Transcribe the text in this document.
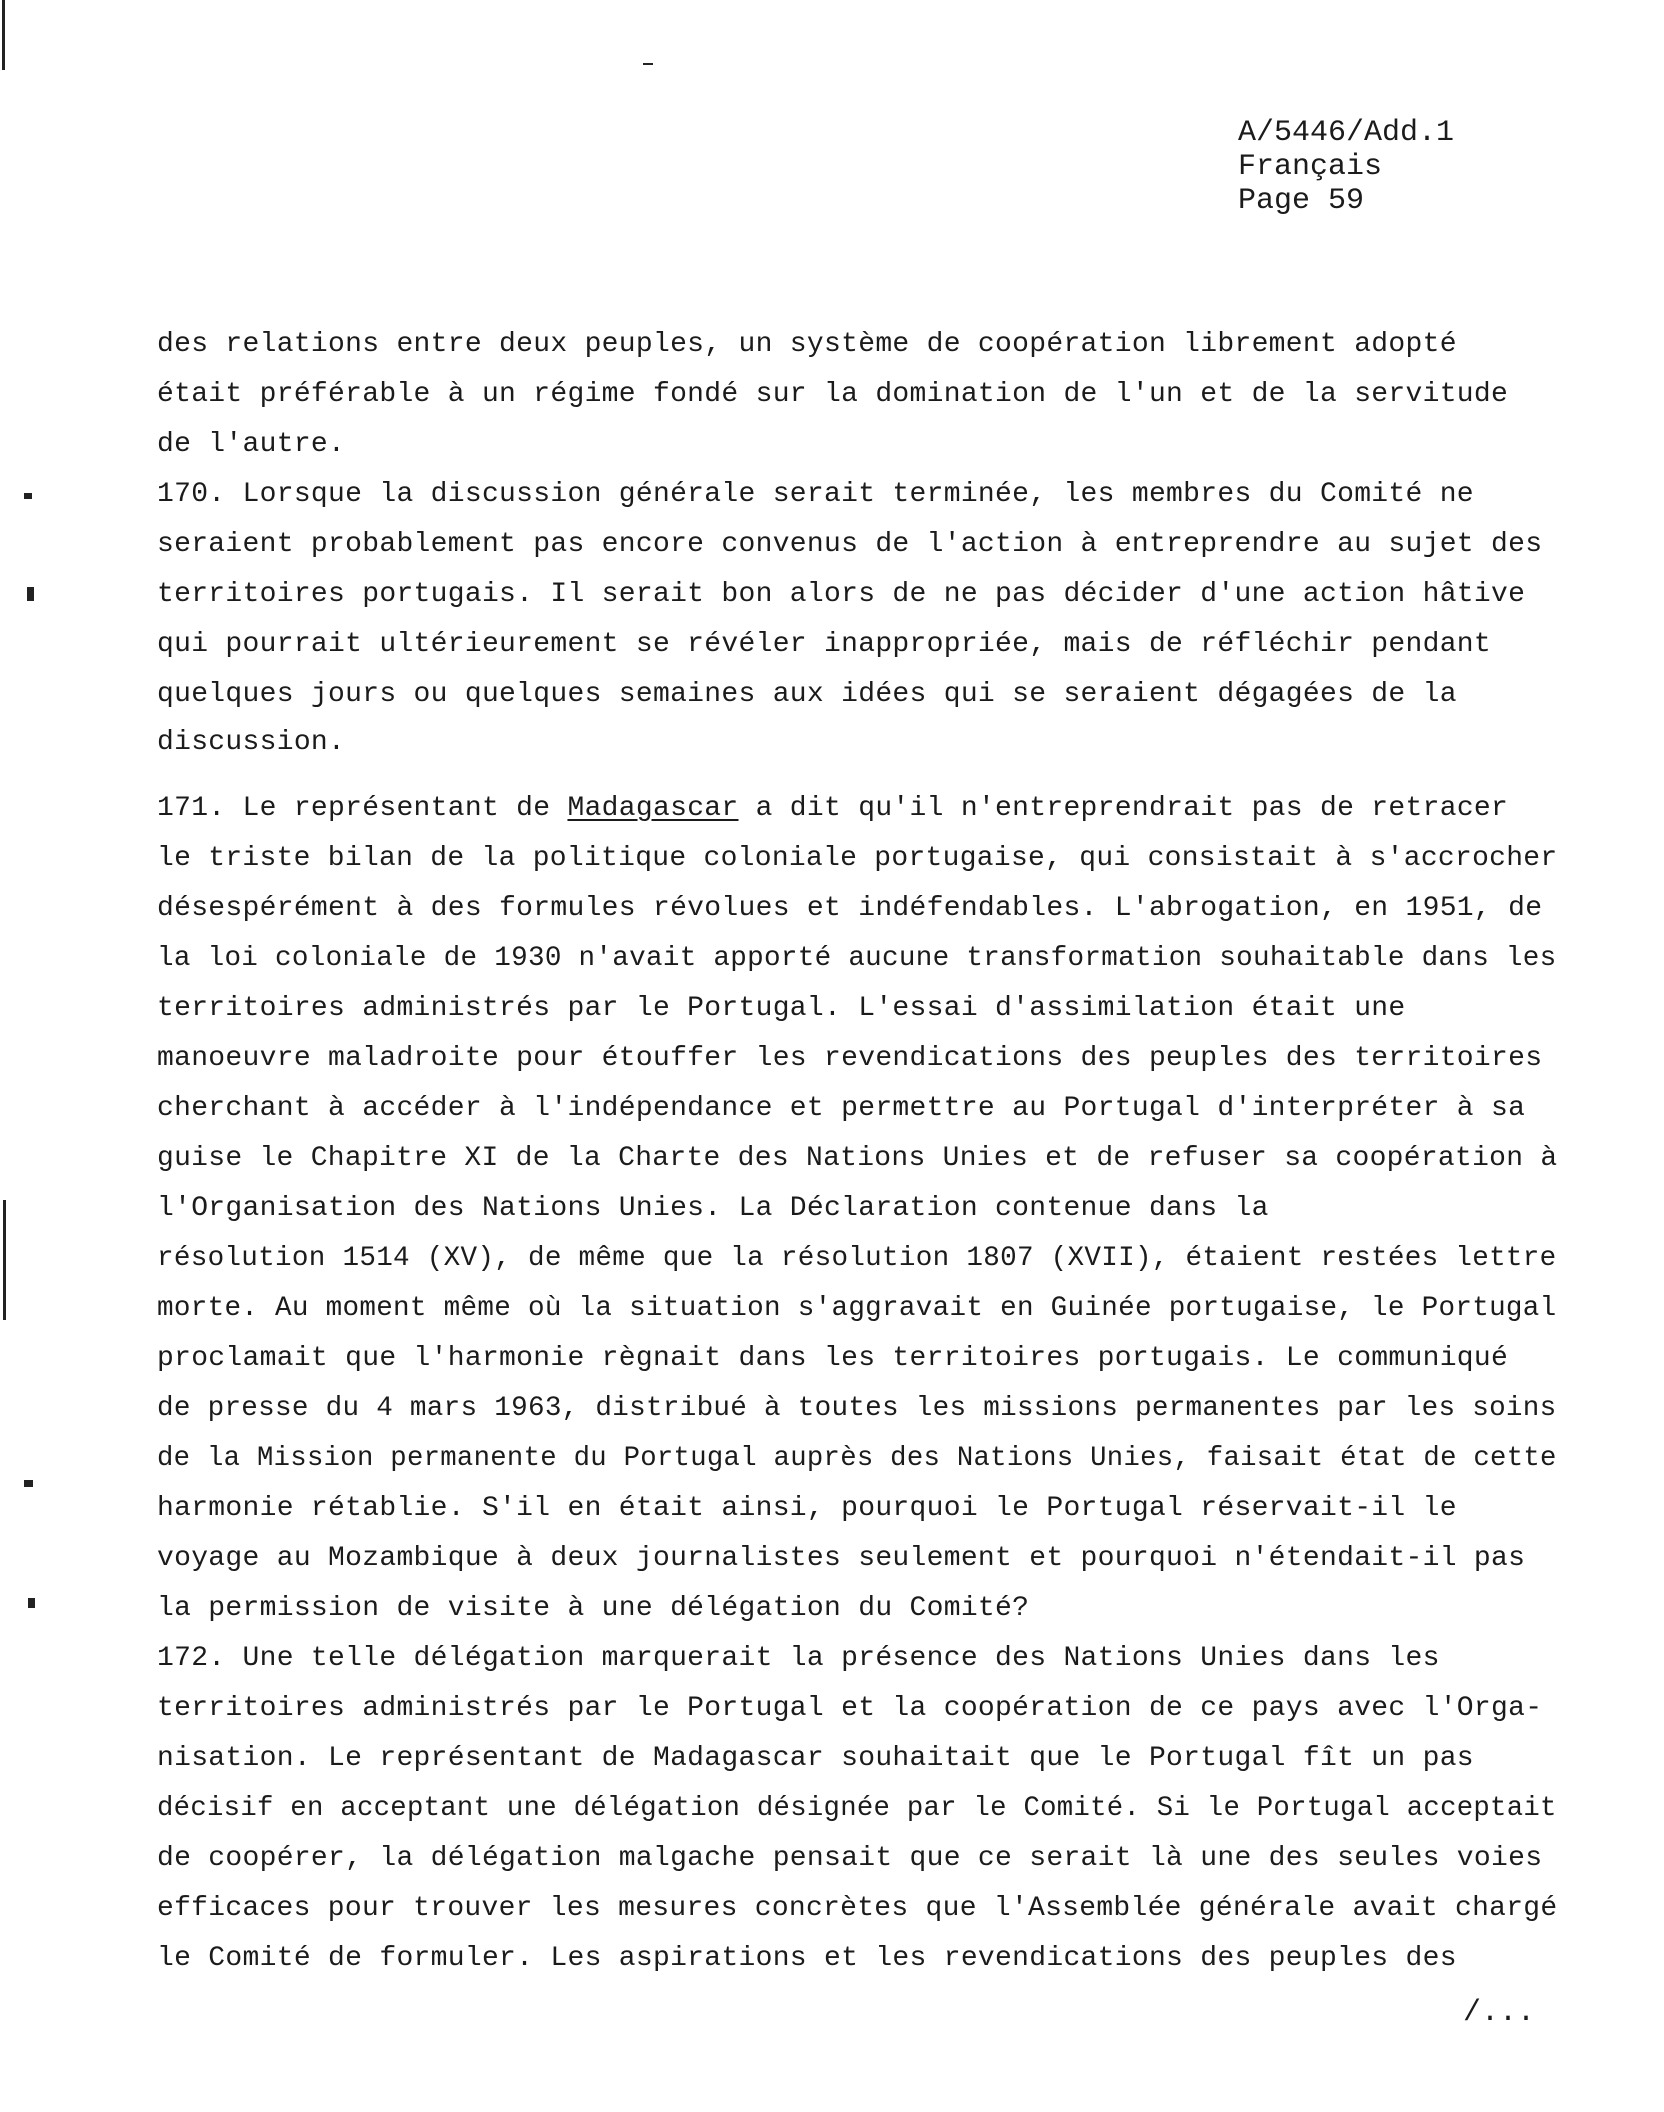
A/5446/Add.1
Français
Page 59
des relations entre deux peuples, un système de coopération librement adopté
était préférable à un régime fondé sur la domination de l'un et de la servitude
de l'autre.
170. Lorsque la discussion générale serait terminée, les membres du Comité ne
seraient probablement pas encore convenus de l'action à entreprendre au sujet des
territoires portugais. Il serait bon alors de ne pas décider d'une action hâtive
qui pourrait ultérieurement se révéler inappropriée, mais de réfléchir pendant
quelques jours ou quelques semaines aux idées qui se seraient dégagées de la
discussion.
171. Le représentant de Madagascar a dit qu'il n'entreprendrait pas de retracer
le triste bilan de la politique coloniale portugaise, qui consistait à s'accrocher
désespérément à des formules révolues et indéfendables. L'abrogation, en 1951, de
la loi coloniale de 1930 n'avait apporté aucune transformation souhaitable dans les
territoires administrés par le Portugal. L'essai d'assimilation était une
manoeuvre maladroite pour étouffer les revendications des peuples des territoires
cherchant à accéder à l'indépendance et permettre au Portugal d'interpréter à sa
guise le Chapitre XI de la Charte des Nations Unies et de refuser sa coopération à
l'Organisation des Nations Unies. La Déclaration contenue dans la
résolution 1514 (XV), de même que la résolution 1807 (XVII), étaient restées lettre
morte. Au moment même où la situation s'aggravait en Guinée portugaise, le Portugal
proclamait que l'harmonie règnait dans les territoires portugais. Le communiqué
de presse du 4 mars 1963, distribué à toutes les missions permanentes par les soins
de la Mission permanente du Portugal auprès des Nations Unies, faisait état de cette
harmonie rétablie. S'il en était ainsi, pourquoi le Portugal réservait-il le
voyage au Mozambique à deux journalistes seulement et pourquoi n'étendait-il pas
la permission de visite à une délégation du Comité?
172. Une telle délégation marquerait la présence des Nations Unies dans les
territoires administrés par le Portugal et la coopération de ce pays avec l'Orga-
nisation. Le représentant de Madagascar souhaitait que le Portugal fît un pas
décisif en acceptant une délégation désignée par le Comité. Si le Portugal acceptait
de coopérer, la délégation malgache pensait que ce serait là une des seules voies
efficaces pour trouver les mesures concrètes que l'Assemblée générale avait chargé
le Comité de formuler. Les aspirations et les revendications des peuples des
/...
